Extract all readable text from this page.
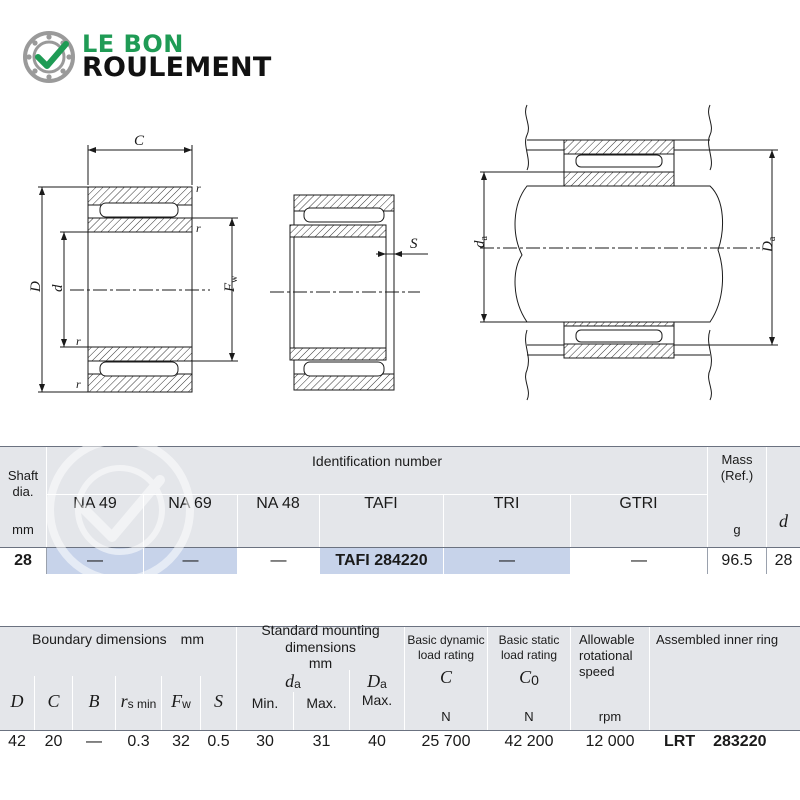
LE BON
ROULEMENT
C
r
r
r
r
D d	$F_w$
S	$d_a$
$D_a$
Shaft dia.
mm
Identification number
NA 49	NA 69	NA 48	TAFI	TRI	GTRI
Mass (Ref.)
g	d
28	—	—	—	TAFI 284220	—	—	96.5	28
Boundary dimensions mm
Standard mounting dimensions
mm
Basic dynamic load rating
Basic static load rating
Allowable rotational speed
Assembled inner ring
D	C	B	r s min F w	S
d a
Min.	Max.
D a
Max.
C	C 0
N	N	rpm
42	20	—	0.3	32	0.5	30	31	40	25 700	42 200	12 000	LRT 283220
